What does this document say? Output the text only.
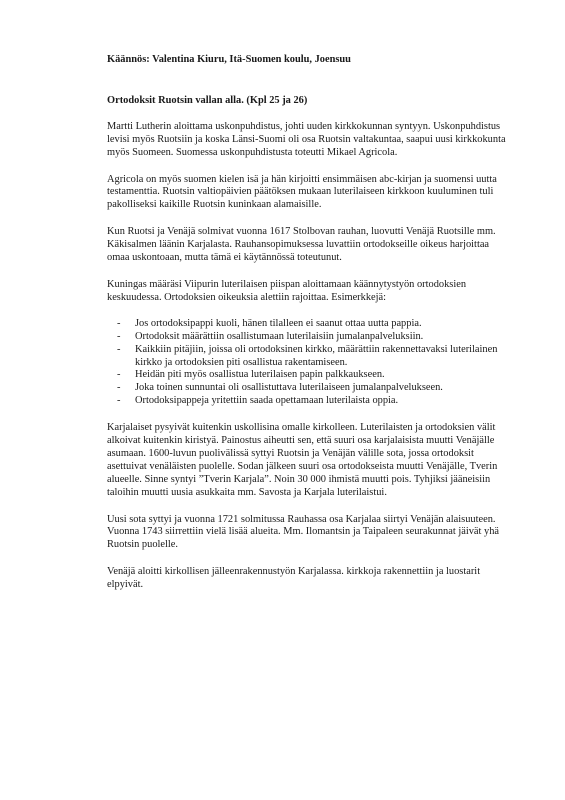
Käännös: Valentina Kiuru, Itä-Suomen koulu, Joensuu

Ortodoksit Ruotsin vallan alla. (Kpl 25 ja 26)

Martti Lutherin aloittama uskonpuhdistus, johti uuden kirkkokunnan syntyyn. Uskonpuhdistus levisi myös Ruotsiin ja koska Länsi-Suomi oli osa Ruotsin valtakuntaa, saapui uusi kirkkokunta myös Suomeen. Suomessa uskonpuhdistusta toteutti Mikael Agricola.

Agricola on myös suomen kielen isä ja hän kirjoitti ensimmäisen abc-kirjan ja suomensi uutta testamenttia. Ruotsin valtiopäivien päätöksen mukaan luterilaiseen kirkkoon kuuluminen tuli pakolliseksi kaikille Ruotsin kuninkaan alamaisille.

Kun Ruotsi ja Venäjä solmivat vuonna 1617 Stolbovan rauhan, luovutti Venäjä Ruotsille mm. Käkisalmen läänin Karjalasta. Rauhansopimuksessa luvattiin ortodokseille oikeus harjoittaa omaa uskontoaan, mutta tämä ei käytännössä toteutunut.

Kuningas määräsi Viipurin luterilaisen piispan aloittamaan käännytystyön ortodoksien keskuudessa. Ortodoksien oikeuksia alettiin rajoittaa. Esimerkkejä:

- Jos ortodoksipappi kuoli, hänen tilalleen ei saanut ottaa uutta pappia.
- Ortodoksit määrättiin osallistumaan luterilaisiin jumalanpalveluksiin.
- Kaikkiin pitäjiin, joissa oli ortodoksinen kirkko, määrättiin rakennettavaksi luterilainen kirkko ja ortodoksien piti osallistua rakentamiseen.
- Heidän piti myös osallistua luterilaisen papin palkkaukseen.
- Joka toinen sunnuntai oli osallistuttava luterilaiseen jumalanpalvelukseen.
- Ortodoksipappeja yritettiin saada opettamaan luterilaista oppia.

Karjalaiset pysyivät kuitenkin uskollisina omalle kirkolleen. Luterilaisten ja ortodoksien välit alkoivat kuitenkin kiristyä. Painostus aiheutti sen, että suuri osa karjalaisista muutti Venäjälle asumaan. 1600-luvun puolivälissä syttyi Ruotsin ja Venäjän välille sota, jossa ortodoksit asettuivat venäläisten puolelle. Sodan jälkeen suuri osa ortodokseista muutti Venäjälle, Tverin alueelle. Sinne syntyi ”Tverin Karjala”. Noin 30 000 ihmistä muutti pois. Tyhjiksi jääneisiin taloihin muutti uusia asukkaita mm. Savosta ja Karjala luterilaistui.

Uusi sota syttyi ja vuonna 1721 solmitussa Rauhassa osa Karjalaa siirtyi Venäjän alaisuuteen. Vuonna 1743 siirrettiin vielä lisää alueita. Mm. Ilomantsin ja Taipaleen seurakunnat jäivät yhä Ruotsin puolelle.

Venäjä aloitti kirkollisen jälleenrakennustyön Karjalassa. kirkkoja rakennettiin ja luostarit elpyivät.
